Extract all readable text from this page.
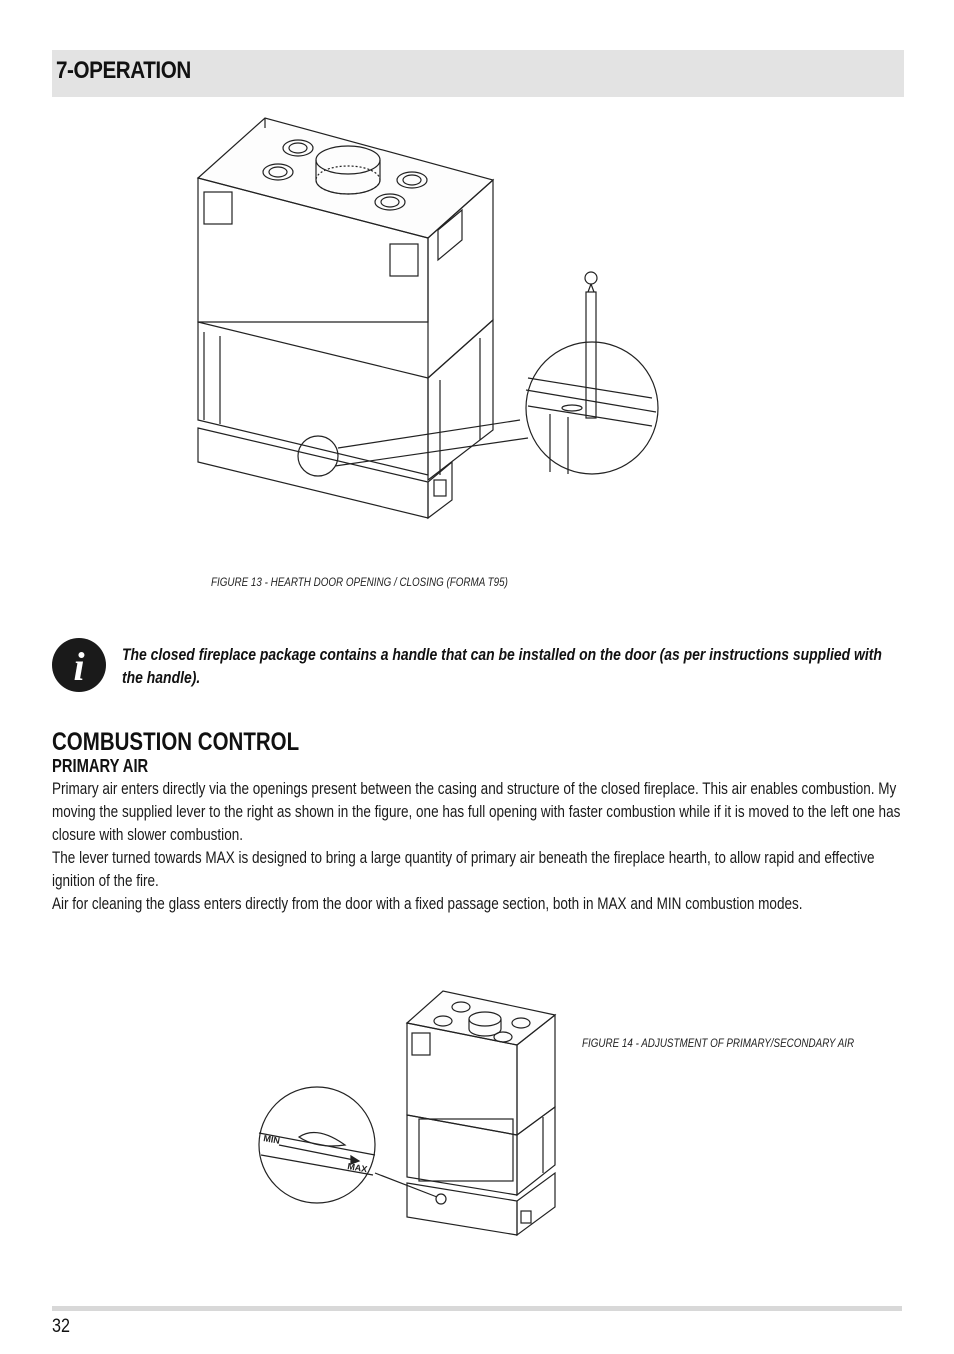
7-OPERATION
FIGURE 13 - HEARTH DOOR OPENING / CLOSING (FORMA T95)
i The closed fireplace package contains a handle that can be installed on the door (as per instructions supplied with the handle).
COMBUSTION CONTROL
PRIMARY AIR

Primary air enters directly via the openings present between the casing and structure of the closed fireplace. This air enables combustion. My moving the supplied lever to the right as shown in the figure, one has full opening with faster combustion while if it is moved to the left one has closure with slower combustion.

The lever turned towards MAX is designed to bring a large quantity of primary air beneath the fireplace hearth, to allow rapid and effective ignition of the fire.

Air for cleaning the glass enters directly from the door with a fixed passage section, both in MAX and MIN combustion modes.

MIN
MAX
FIGURE 14 - ADJUSTMENT OF PRIMARY/SECONDARY AIR
32
